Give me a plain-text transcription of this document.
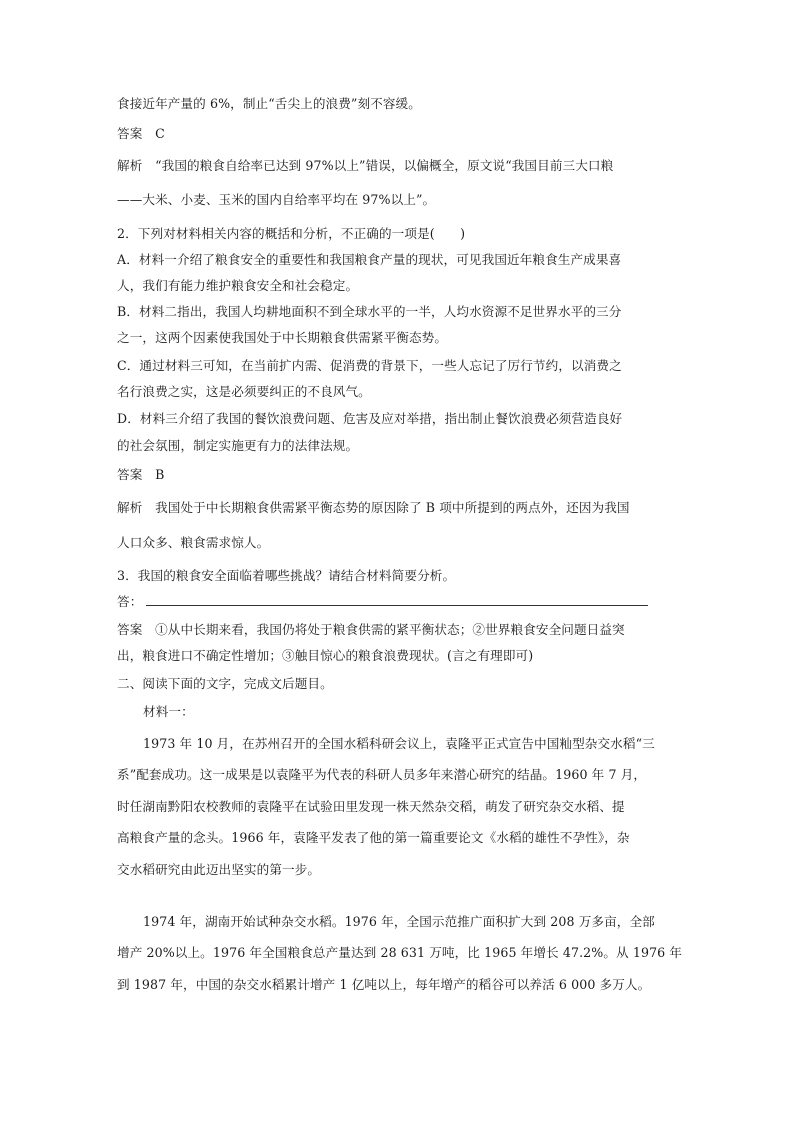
食接近年产量的 6%，制止“舌尖上的浪费”刻不容缓。
答案　C
解析　“我国的粮食自给率已达到 97%以上”错误，以偏概全，原文说“我国目前三大口粮
——大米、小麦、玉米的国内自给率平均在 97%以上”。
2．下列对材料相关内容的概括和分析，不正确的一项是(　　)
A．材料一介绍了粮食安全的重要性和我国粮食产量的现状，可见我国近年粮食生产成果喜
人，我们有能力维护粮食安全和社会稳定。
B．材料二指出，我国人均耕地面积不到全球水平的一半，人均水资源不足世界水平的三分
之一，这两个因素使我国处于中长期粮食供需紧平衡态势。
C．通过材料三可知，在当前扩内需、促消费的背景下，一些人忘记了厉行节约，以消费之
名行浪费之实，这是必须要纠正的不良风气。
D．材料三介绍了我国的餐饮浪费问题、危害及应对举措，指出制止餐饮浪费必须营造良好
的社会氛围，制定实施更有力的法律法规。
答案　B
解析　我国处于中长期粮食供需紧平衡态势的原因除了 B 项中所提到的两点外，还因为我国
人口众多、粮食需求惊人。
3．我国的粮食安全面临着哪些挑战？请结合材料简要分析。
答：
答案　①从中长期来看，我国仍将处于粮食供需的紧平衡状态；②世界粮食安全问题日益突
出，粮食进口不确定性增加；③触目惊心的粮食浪费现状。(言之有理即可)
二、阅读下面的文字，完成文后题目。
材料一：
1973 年 10 月，在苏州召开的全国水稻科研会议上，袁隆平正式宣告中国籼型杂交水稻“三
系”配套成功。这一成果是以袁隆平为代表的科研人员多年来潜心研究的结晶。1960 年 7 月，
时任湖南黔阳农校教师的袁隆平在试验田里发现一株天然杂交稻，萌发了研究杂交水稻、提
高粮食产量的念头。1966 年，袁隆平发表了他的第一篇重要论文《水稻的雄性不孕性》，杂
交水稻研究由此迈出坚实的第一步。
1974 年，湖南开始试种杂交水稻。1976 年，全国示范推广面积扩大到 208 万多亩，全部
增产 20%以上。1976 年全国粮食总产量达到 28 631 万吨，比 1965 年增长 47.2%。从 1976 年
到 1987 年，中国的杂交水稻累计增产 1 亿吨以上，每年增产的稻谷可以养活 6 000 多万人。
